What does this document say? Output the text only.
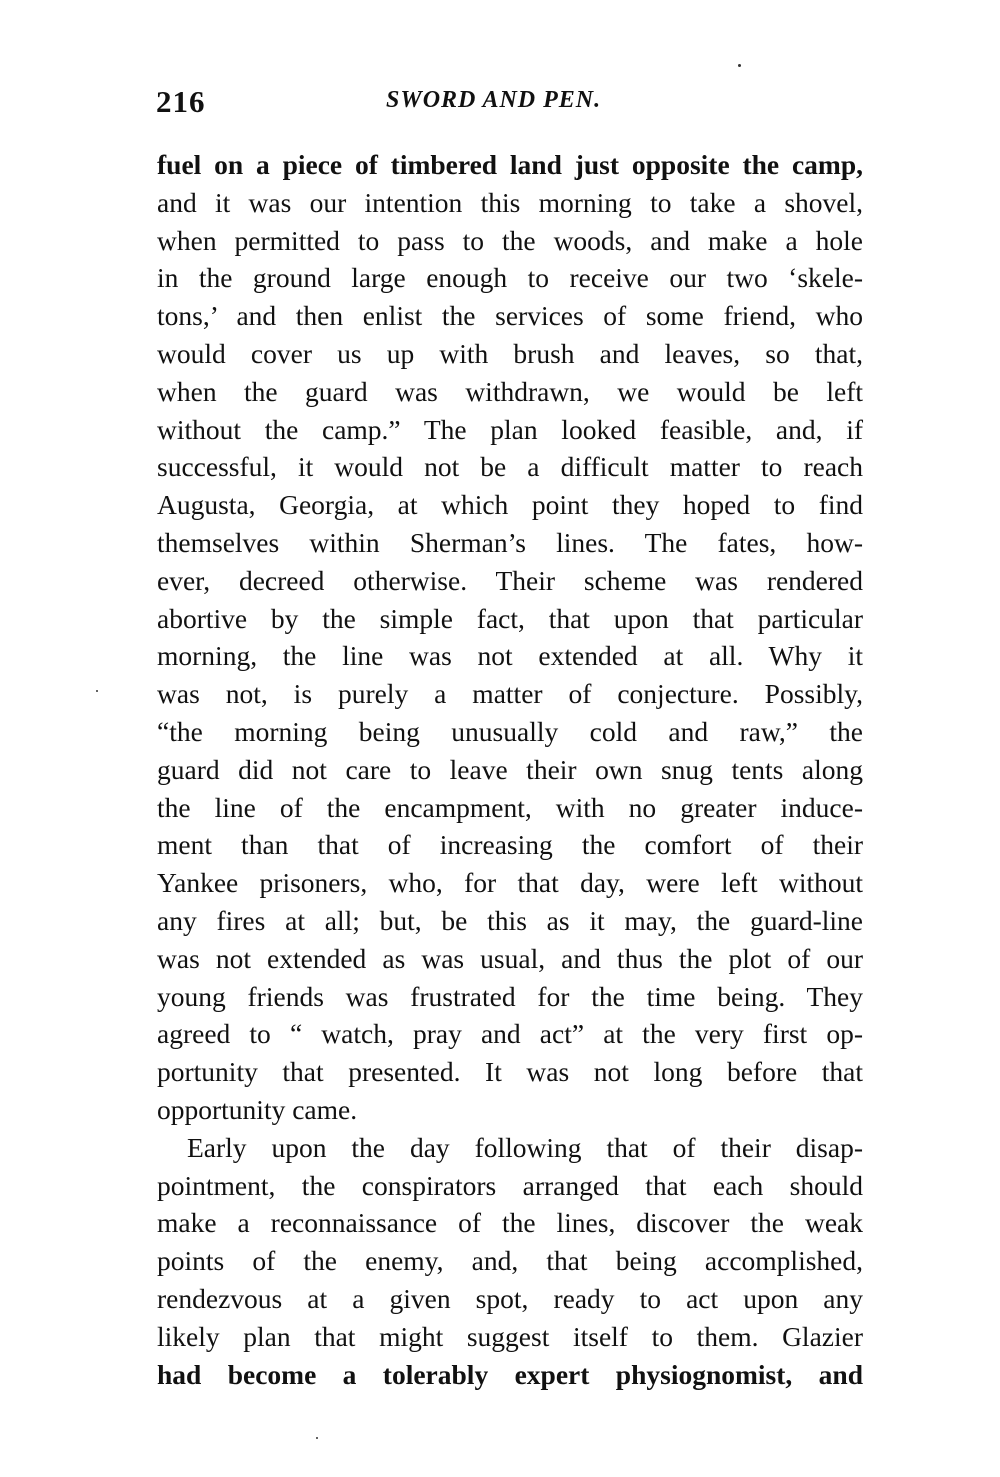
216	SWORD AND PEN.
fuel on a piece of timbered land just opposite the camp,
and it was our intention this morning to take a shovel,
when permitted to pass to the woods, and make a hole
in the ground large enough to receive our two ‘skele-
tons,’ and then enlist the services of some friend, who
would cover us up with brush and leaves, so that,
when the guard was withdrawn, we would be left
without the camp.” The plan looked feasible, and, if
successful, it would not be a difficult matter to reach
Augusta, Georgia, at which point they hoped to find
themselves within Sherman’s lines. The fates, how-
ever, decreed otherwise. Their scheme was rendered
abortive by the simple fact, that upon that particular
morning, the line was not extended at all. Why it
was not, is purely a matter of conjecture. Possibly,
“the morning being unusually cold and raw,” the
guard did not care to leave their own snug tents along
the line of the encampment, with no greater induce-
ment than that of increasing the comfort of their
Yankee prisoners, who, for that day, were left without
any fires at all; but, be this as it may, the guard-line
was not extended as was usual, and thus the plot of our
young friends was frustrated for the time being. They
agreed to “ watch, pray and act” at the very first op-
portunity that presented. It was not long before that
opportunity came.
Early upon the day following that of their disap-
pointment, the conspirators arranged that each should
make a reconnaissance of the lines, discover the weak
points of the enemy, and, that being accomplished,
rendezvous at a given spot, ready to act upon any
likely plan that might suggest itself to them. Glazier
had become a tolerably expert physiognomist, and
